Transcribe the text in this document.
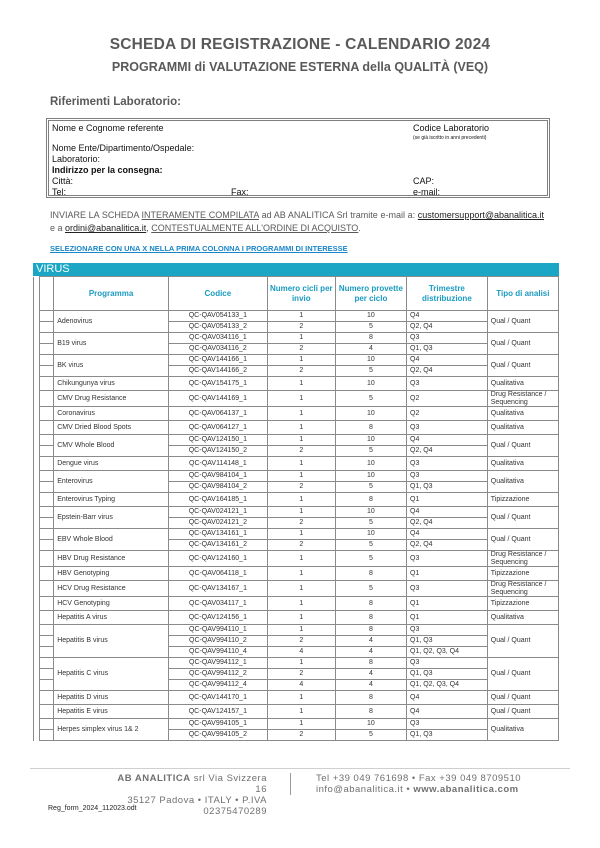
SCHEDA DI REGISTRAZIONE - CALENDARIO 2024
PROGRAMMI di VALUTAZIONE ESTERNA della QUALITÀ (VEQ)
Riferimenti Laboratorio:
Nome e Cognome referente	Codice Laboratorio
(se già iscritto in anni precedenti)
Nome Ente/Dipartimento/Ospedale:
Laboratorio:
Indirizzo per la consegna:
Città:	CAP:
Tel:	Fax:	e-mail:
INVIARE LA SCHEDA INTERAMENTE COMPILATA ad AB ANALITICA Srl tramite e-mail a: customersupport@abanalitica.it e a ordini@abanalitica.it, CONTESTUALMENTE ALL'ORDINE DI ACQUISTO.
SELEZIONARE CON UNA X NELLA PRIMA COLONNA I PROGRAMMI DI INTERESSE
VIRUS
		Programma	Codice	Numero cicli per invio	Numero provette per ciclo	Trimestre distribuzione	Tipo di analisi
		Adenovirus	QC-QAV054133_1	1	10	Q4	Qual / Quant
			QC-QAV054133_2	2	5	Q2, Q4	
		B19 virus	QC-QAV034116_1	1	8	Q3	Qual / Quant
			QC-QAV034116_2	2	4	Q1, Q3	
		BK virus	QC-QAV144166_1	1	10	Q4	Qual / Quant
			QC-QAV144166_2	2	5	Q2, Q4	
		Chikungunya virus	QC-QAV154175_1	1	10	Q3	Qualitativa
		CMV Drug Resistance	QC-QAV144169_1	1	5	Q2	Drug Resistance / Sequencing
		Coronavirus	QC-QAV064137_1	1	10	Q2	Qualitativa
		CMV Dried Blood Spots	QC-QAV064127_1	1	8	Q3	Qualitativa
		CMV Whole Blood	QC-QAV124150_1	1	10	Q4	Qual / Quant
			QC-QAV124150_2	2	5	Q2, Q4	
		Dengue virus	QC-QAV114148_1	1	10	Q3	Qualitativa
		Enterovirus	QC-QAV984104_1	1	10	Q3	Qualitativa
			QC-QAV984104_2	2	5	Q1, Q3	
		Enterovirus Typing	QC-QAV164185_1	1	8	Q1	Tipizzazione
		Epstein-Barr virus	QC-QAV024121_1	1	10	Q4	Qual / Quant
			QC-QAV024121_2	2	5	Q2, Q4	
		EBV Whole Blood	QC-QAV134161_1	1	10	Q4	Qual / Quant
			QC-QAV134161_2	2	5	Q2, Q4	
		HBV Drug Resistance	QC-QAV124160_1	1	5	Q3	Drug Resistance / Sequencing
		HBV Genotyping	QC-QAV064118_1	1	8	Q1	Tipizzazione
		HCV Drug Resistance	QC-QAV134167_1	1	5	Q3	Drug Resistance / Sequencing
		HCV Genotyping	QC-QAV034117_1	1	8	Q1	Tipizzazione
		Hepatitis A virus	QC-QAV124156_1	1	8	Q1	Qualitativa
		Hepatitis B virus	QC-QAV994110_1	1	8	Q3	Qual / Quant
			QC-QAV994110_2	2	4	Q1, Q3	
			QC-QAV994110_4	4	4	Q1, Q2, Q3, Q4	
		Hepatitis C virus	QC-QAV994112_1	1	8	Q3	Qual / Quant
			QC-QAV994112_2	2	4	Q1, Q3	
			QC-QAV994112_4	4	4	Q1, Q2, Q3, Q4	
		Hepatitis D virus	QC-QAV144170_1	1	8	Q4	Qual / Quant
		Hepatitis E virus	QC-QAV124157_1	1	8	Q4	Qual / Quant
		Herpes simplex virus 1& 2	QC-QAV994105_1	1	10	Q3	Qualitativa
			QC-QAV994105_2	2	5	Q1, Q3	
AB ANALITICA srl Via Svizzera 16
35127 Padova • ITALY • P.IVA 02375470289
Tel +39 049 761698 • Fax +39 049 8709510
info@abanalitica.it • www.abanalitica.com
Reg_form_2024_112023.odt
